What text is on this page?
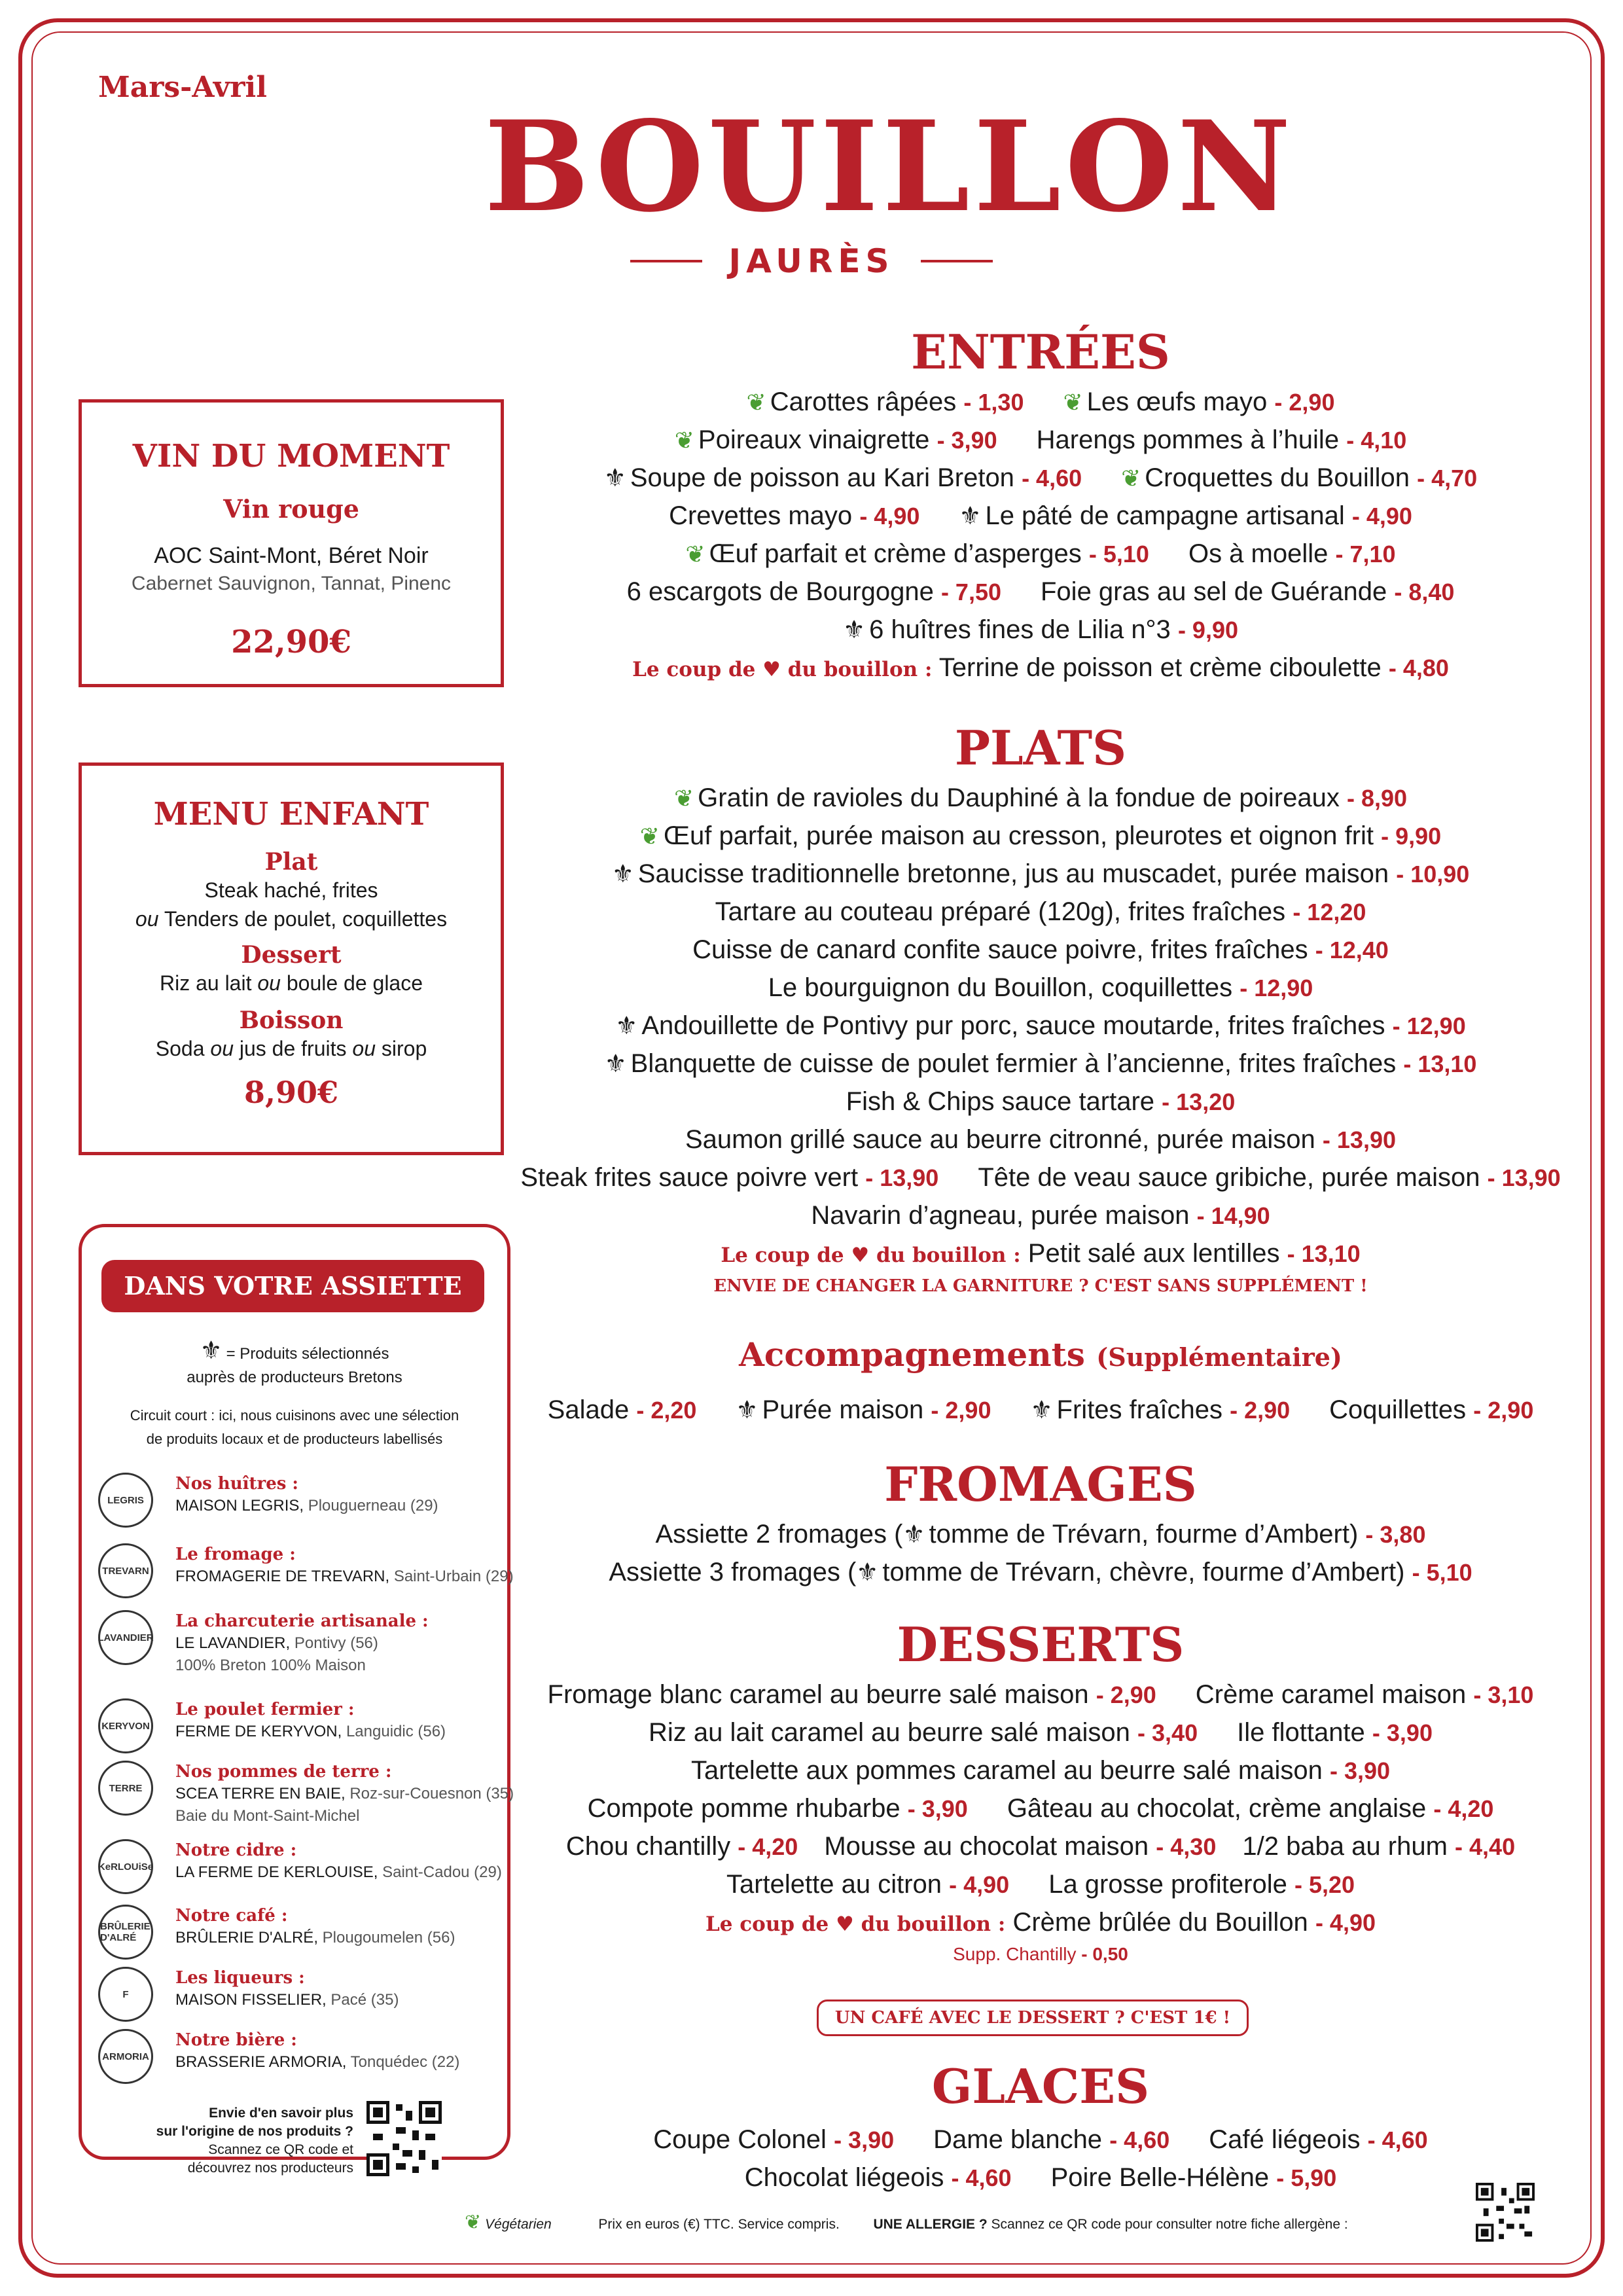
Mars-Avril
BOUILLON
JAURÈS
VIN DU MOMENT
Vin rouge
AOC Saint-Mont, Béret Noir
Cabernet Sauvignon, Tannat, Pinenc
22,90€
MENU ENFANT
Plat
Steak haché, frites
ou Tenders de poulet, coquillettes
Dessert
Riz au lait ou boule de glace
Boisson
Soda ou jus de fruits ou sirop
8,90€
DANS VOTRE ASSIETTE
⚜ = Produits sélectionnés
auprès de producteurs Bretons
Circuit court : ici, nous cuisinons avec une sélection
de produits locaux et de producteurs labellisés
LEGRIS
Nos huîtres :
MAISON LEGRIS, Plouguerneau (29)
TREVARN
Le fromage :
FROMAGERIE DE TREVARN, Saint-Urbain (29)
LAVANDIER
La charcuterie artisanale :
LE LAVANDIER, Pontivy (56)
100% Breton 100% Maison
KERYVON
Le poulet fermier :
FERME DE KERYVON, Languidic (56)
TERRE
Nos pommes de terre :
SCEA TERRE EN BAIE, Roz-sur-Couesnon (35)
Baie du Mont-Saint-Michel
KeRLOUiSe
Notre cidre :
LA FERME DE KERLOUISE, Saint-Cadou (29)
BRÛLERIE D'ALRÉ
Notre café :
BRÛLERIE D'ALRÉ, Plougoumelen (56)
F
Les liqueurs :
MAISON FISSELIER, Pacé (35)
ARMORIA
Notre bière :
BRASSERIE ARMORIA, Tonquédec (22)
Envie d'en savoir plus
sur l'origine de nos produits ?
Scannez ce QR code et
découvrez nos producteurs
ENTRÉES
❦ Carottes râpées - 1,30 ❦ Les œufs mayo - 2,90
❦ Poireaux vinaigrette - 3,90 Harengs pommes à l’huile - 4,10
⚜ Soupe de poisson au Kari Breton - 4,60 ❦ Croquettes du Bouillon - 4,70
Crevettes mayo - 4,90 ⚜ Le pâté de campagne artisanal - 4,90
❦ Œuf parfait et crème d’asperges - 5,10 Os à moelle - 7,10
6 escargots de Bourgogne - 7,50 Foie gras au sel de Guérande - 8,40
⚜ 6 huîtres fines de Lilia n°3 - 9,90
Le coup de ♥ du bouillon : Terrine de poisson et crème ciboulette - 4,80
PLATS
❦ Gratin de ravioles du Dauphiné à la fondue de poireaux - 8,90
❦ Œuf parfait, purée maison au cresson, pleurotes et oignon frit - 9,90
⚜ Saucisse traditionnelle bretonne, jus au muscadet, purée maison - 10,90
Tartare au couteau préparé (120g), frites fraîches - 12,20
Cuisse de canard confite sauce poivre, frites fraîches - 12,40
Le bourguignon du Bouillon, coquillettes - 12,90
⚜ Andouillette de Pontivy pur porc, sauce moutarde, frites fraîches - 12,90
⚜ Blanquette de cuisse de poulet fermier à l’ancienne, frites fraîches - 13,10
Fish & Chips sauce tartare - 13,20
Saumon grillé sauce au beurre citronné, purée maison - 13,90
Steak frites sauce poivre vert - 13,90 Tête de veau sauce gribiche, purée maison - 13,90
Navarin d’agneau, purée maison - 14,90
Le coup de ♥ du bouillon : Petit salé aux lentilles - 13,10
ENVIE DE CHANGER LA GARNITURE ? C'EST SANS SUPPLÉMENT !
Accompagnements (Supplémentaire)
Salade - 2,20 ⚜ Purée maison - 2,90 ⚜ Frites fraîches - 2,90 Coquillettes - 2,90
FROMAGES
Assiette 2 fromages (⚜ tomme de Trévarn, fourme d’Ambert) - 3,80
Assiette 3 fromages (⚜ tomme de Trévarn, chèvre, fourme d’Ambert) - 5,10
DESSERTS
Fromage blanc caramel au beurre salé maison - 2,90 Crème caramel maison - 3,10
Riz au lait caramel au beurre salé maison - 3,40 Ile flottante - 3,90
Tartelette aux pommes caramel au beurre salé maison - 3,90
Compote pomme rhubarbe - 3,90 Gâteau au chocolat, crème anglaise - 4,20
Chou chantilly - 4,20 Mousse au chocolat maison - 4,30 1/2 baba au rhum - 4,40
Tartelette au citron - 4,90 La grosse profiterole - 5,20
Le coup de ♥ du bouillon : Crème brûlée du Bouillon - 4,90
Supp. Chantilly - 0,50
UN CAFÉ AVEC LE DESSERT ? C'EST 1€ !
GLACES
Coupe Colonel - 3,90 Dame blanche - 4,60 Café liégeois - 4,60
Chocolat liégeois - 4,60 Poire Belle-Hélène - 5,90
❦ Végétarien	Prix en euros (€) TTC. Service compris. UNE ALLERGIE ? Scannez ce QR code pour consulter notre fiche allergène :
